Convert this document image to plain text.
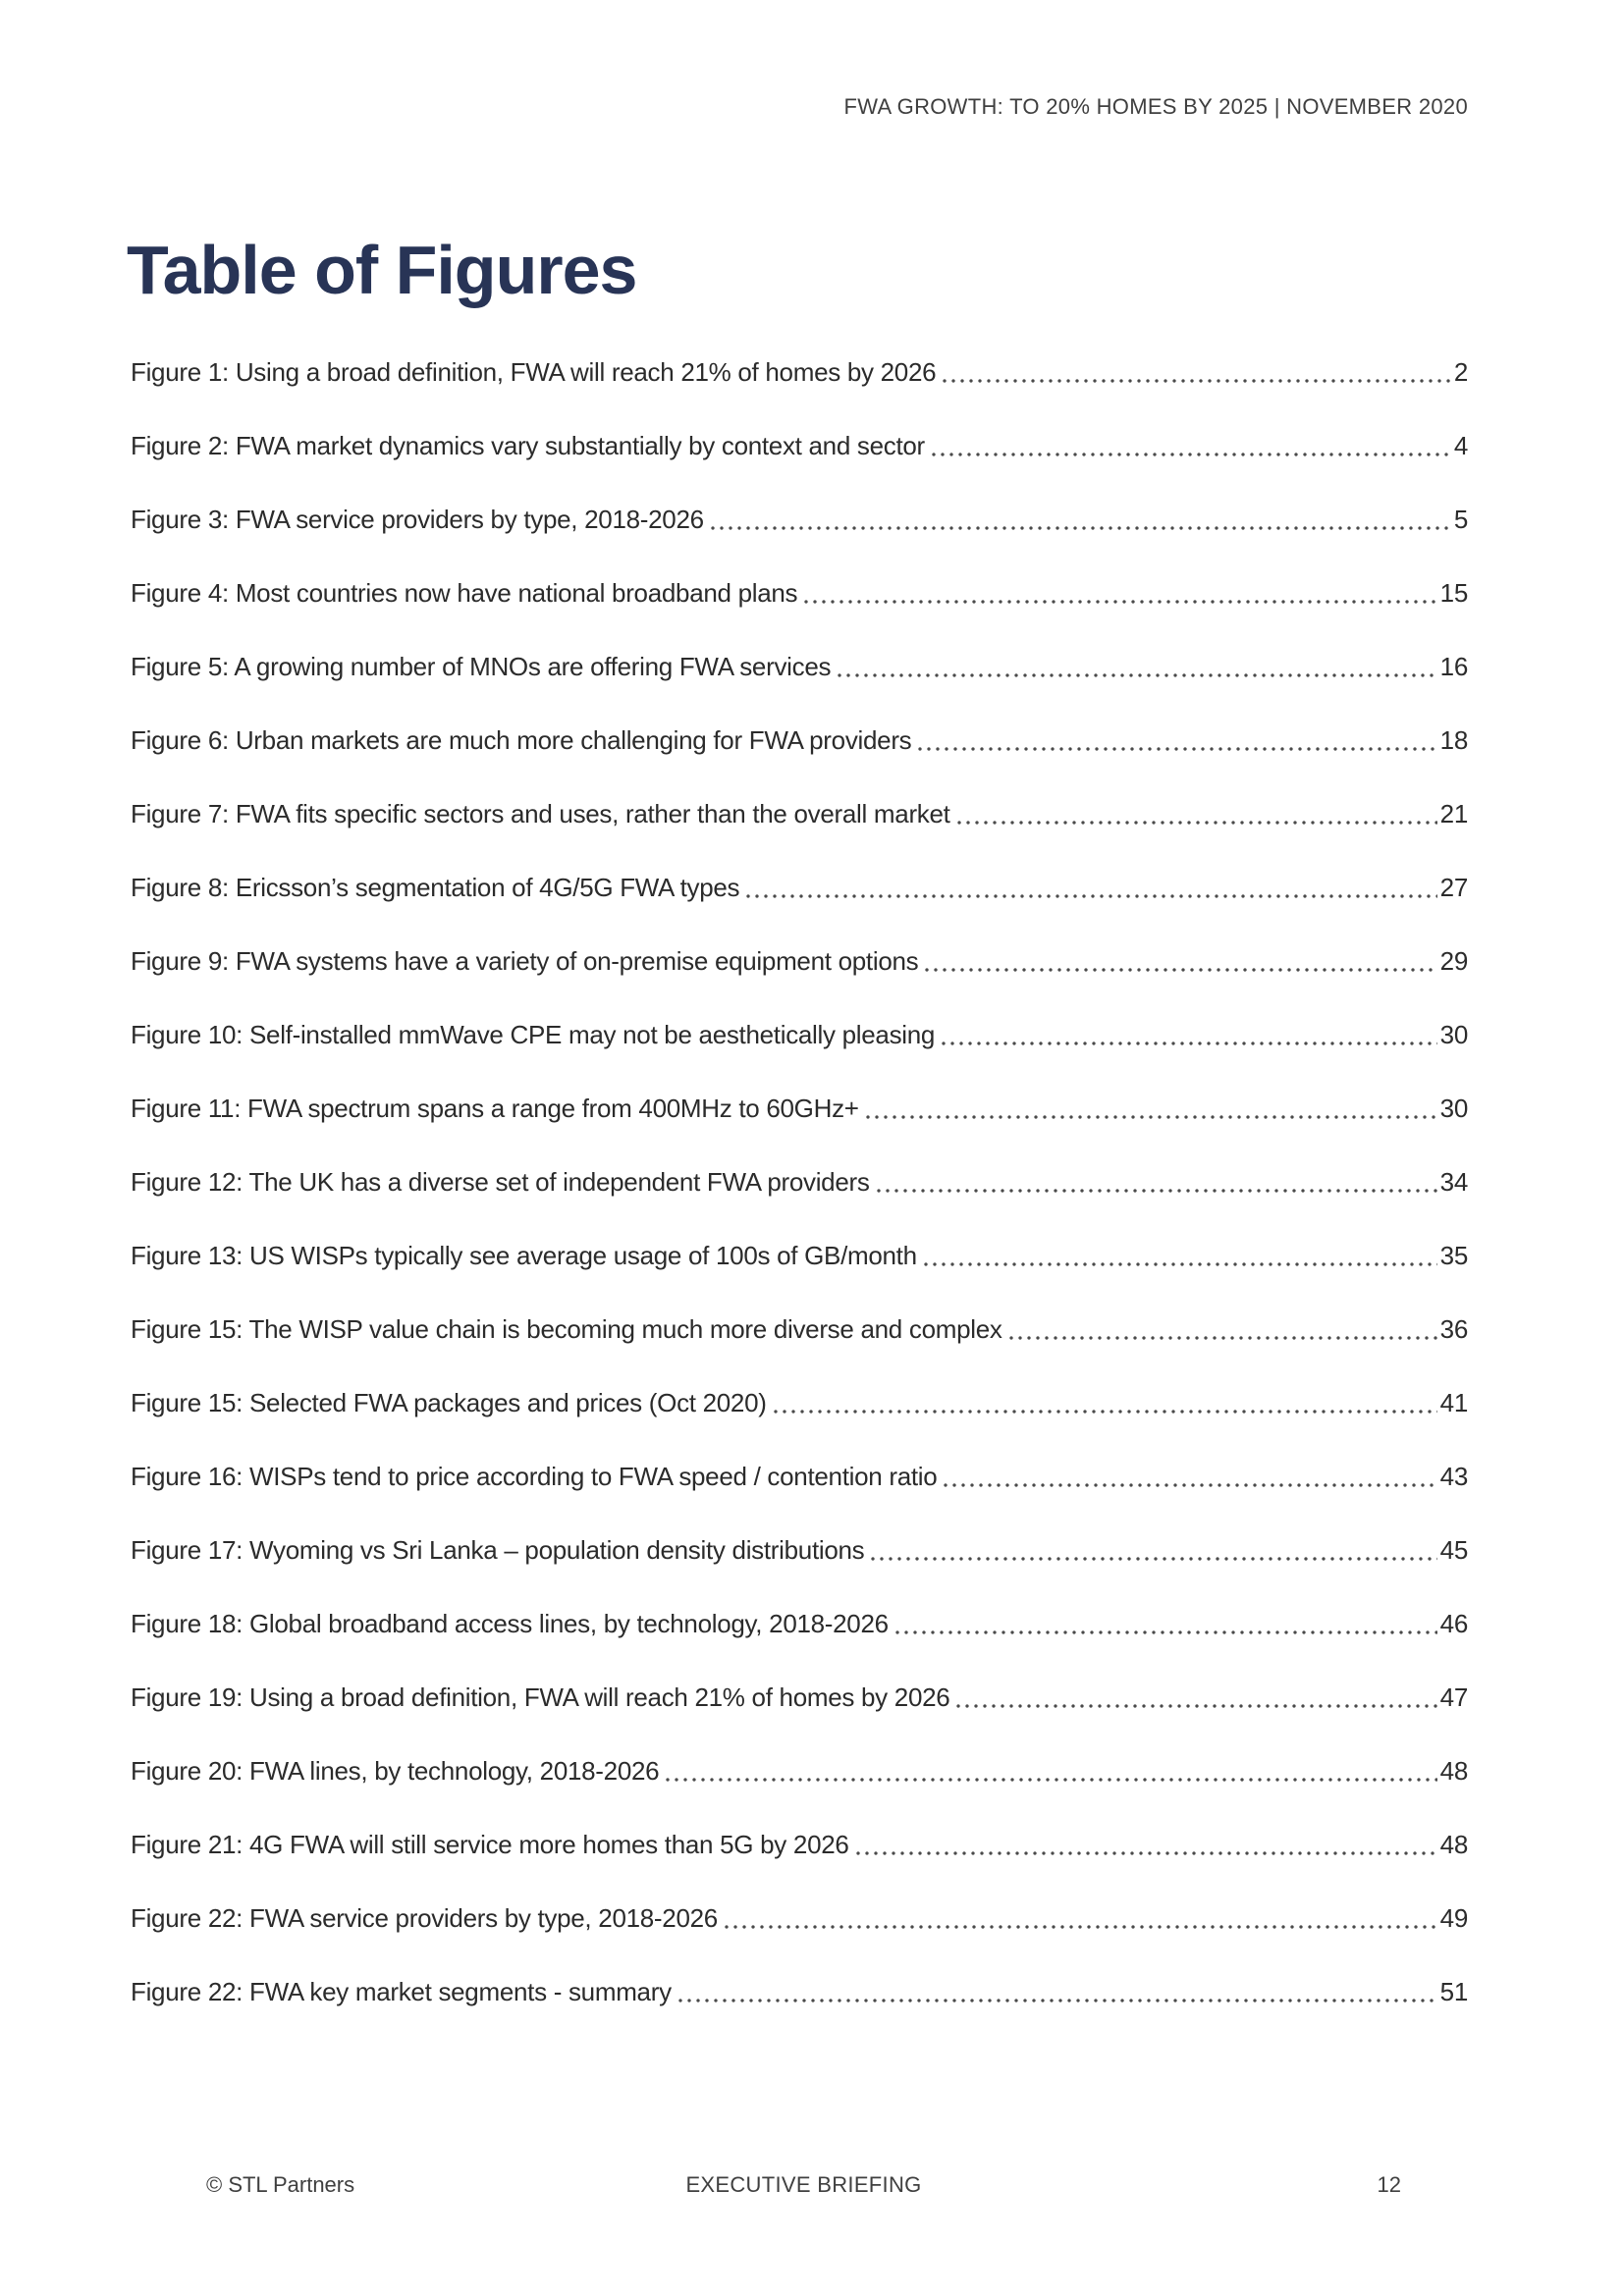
FWA GROWTH: TO 20% HOMES BY 2025 | NOVEMBER 2020
Table of Figures
Figure 1: Using a broad definition, FWA will reach 21% of homes by 2026	2
Figure 2: FWA market dynamics vary substantially by context and sector	4
Figure 3: FWA service providers by type, 2018-2026	5
Figure 4: Most countries now have national broadband plans	15
Figure 5: A growing number of MNOs are offering FWA services	16
Figure 6: Urban markets are much more challenging for FWA providers	18
Figure 7: FWA fits specific sectors and uses, rather than the overall market	21
Figure 8: Ericsson’s segmentation of 4G/5G FWA types	27
Figure 9: FWA systems have a variety of on-premise equipment options	29
Figure 10: Self-installed mmWave CPE may not be aesthetically pleasing	30
Figure 11: FWA spectrum spans a range from 400MHz to 60GHz+	30
Figure 12: The UK has a diverse set of independent FWA providers	34
Figure 13: US WISPs typically see average usage of 100s of GB/month	35
Figure 15: The WISP value chain is becoming much more diverse and complex	36
Figure 15: Selected FWA packages and prices (Oct 2020)	41
Figure 16: WISPs tend to price according to FWA speed / contention ratio	43
Figure 17: Wyoming vs Sri Lanka – population density distributions	45
Figure 18: Global broadband access lines, by technology, 2018-2026	46
Figure 19: Using a broad definition, FWA will reach 21% of homes by 2026	47
Figure 20: FWA lines, by technology, 2018-2026	48
Figure 21: 4G FWA will still service more homes than 5G by 2026	48
Figure 22: FWA service providers by type, 2018-2026	49
Figure 22: FWA key market segments - summary	51
© STL Partners	EXECUTIVE BRIEFING	12
